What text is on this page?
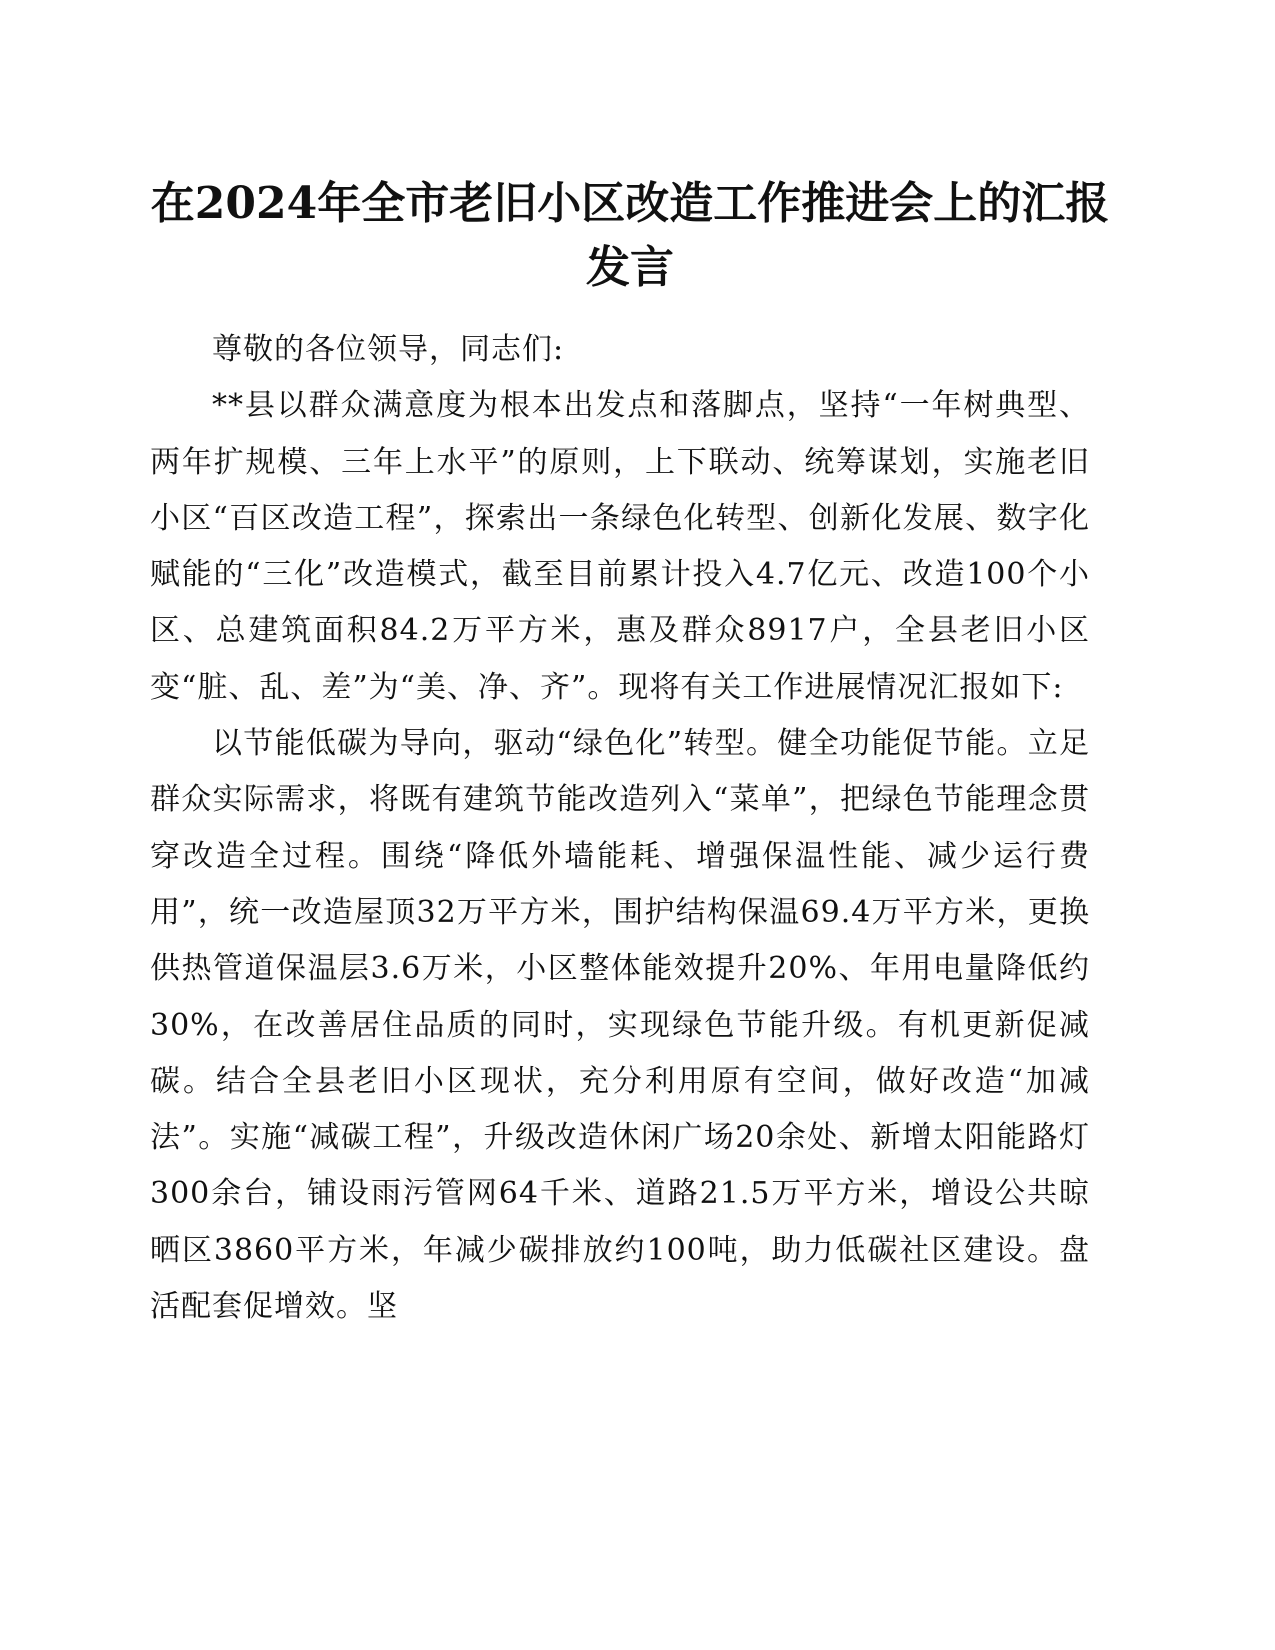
在2024年全市老旧小区改造工作推进会上的汇报发言

尊敬的各位领导，同志们:

**县以群众满意度为根本出发点和落脚点，坚持“一年树典型、两年扩规模、三年上水平”的原则，上下联动、统筹谋划，实施老旧小区“百区改造工程”，探索出一条绿色化转型、创新化发展、数字化赋能的“三化”改造模式，截至目前累计投入4.7亿元、改造100个小区、总建筑面积84.2万平方米，惠及群众8917户，全县老旧小区变“脏、乱、差”为“美、净、齐”。现将有关工作进展情况汇报如下:

以节能低碳为导向，驱动“绿色化”转型。健全功能促节能。立足群众实际需求，将既有建筑节能改造列入“菜单”，把绿色节能理念贯穿改造全过程。围绕“降低外墙能耗、增强保温性能、减少运行费用”，统一改造屋顶32万平方米，围护结构保温69.4万平方米，更换供热管道保温层3.6万米，小区整体能效提升20%、年用电量降低约30%，在改善居住品质的同时，实现绿色节能升级。有机更新促减碳。结合全县老旧小区现状，充分利用原有空间，做好改造“加减法”。实施“减碳工程”，升级改造休闲广场20余处、新增太阳能路灯300余台，铺设雨污管网64千米、道路21.5万平方米，增设公共晾晒区3860平方米，年减少碳排放约100吨，助力低碳社区建设。盘活配套促增效。坚
